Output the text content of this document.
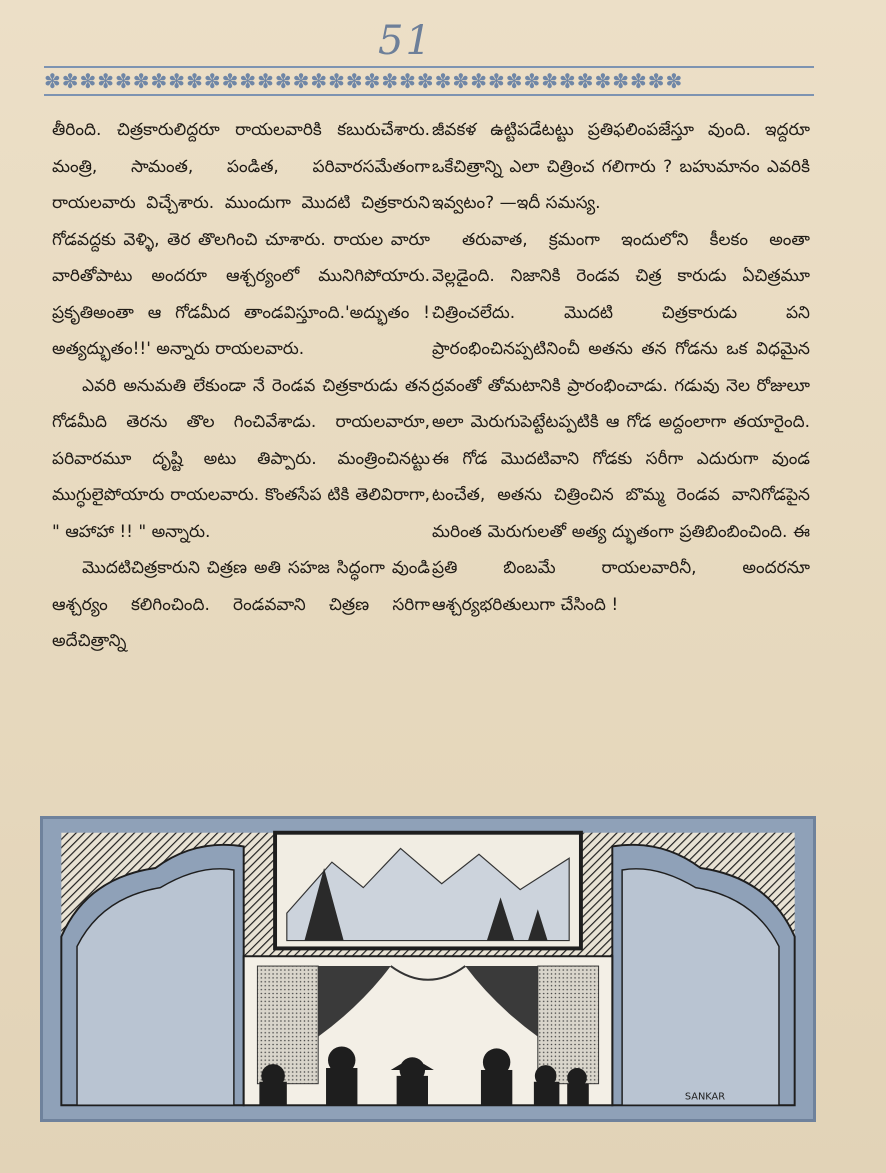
51
✽✽✽✽✽✽✽✽✽✽✽✽✽✽✽✽✽✽✽✽✽✽✽✽✽✽✽✽✽✽✽✽✽✽✽✽

తీరింది. చిత్రకారులిద్దరూ రాయలవారికి కబురుచేశారు. మంత్రి, సామంత, పండిత, పరివారసమేతంగా రాయలవారు విచ్చేశారు. ముందుగా మొదటి చిత్రకారుని గోడవద్దకు వెళ్ళి, తెర తొలగించి చూశారు. రాయల వారూ వారితోపాటు అందరూ ఆశ్చర్యంలో మునిగిపోయారు. ప్రకృతిఅంతా ఆ గోడమీద తాండవిస్తూంది.'అద్భుతం ! అత్యద్భుతం!!' అన్నారు రాయలవారు.

ఎవరి అనుమతి లేకుండా నే రెండవ చిత్రకారుడు తన గోడమీది తెరను తొల గించివేశాడు. రాయలవారూ, పరివారమూ దృష్టి అటు తిప్పారు. మంత్రించినట్టు ముగ్ధులైపోయారు రాయలవారు. కొంతసేప టికి తెలివిరాగా, " ఆహాహా !! " అన్నారు.

మొదటిచిత్రకారుని చిత్రణ అతి సహజ సిద్ధంగా వుండి ఆశ్చర్యం కలిగించింది. రెండవవాని చిత్రణ సరిగా అదేచిత్రాన్ని

జీవకళ ఉట్టిపడేటట్టు ప్రతిఫలింపజేస్తూ వుంది. ఇద్దరూ ఒకేచిత్రాన్ని ఎలా చిత్రించ గలిగారు ? బహుమానం ఎవరికి ఇవ్వటం? —ఇదీ సమస్య.

తరువాత, క్రమంగా ఇందులోని కీలకం అంతా వెల్లడైంది. నిజానికి రెండవ చిత్ర కారుడు ఏచిత్రమూ చిత్రించలేదు. మొదటి చిత్రకారుడు పని ప్రారంభించినప్పటినించీ అతను తన గోడను ఒక విధమైన ద్రవంతో తోమటానికి ప్రారంభించాడు. గడువు నెల రోజులూ అలా మెరుగుపెట్టేటప్పటికి ఆ గోడ అద్దంలాగా తయారైంది. ఈ గోడ మొదటివాని గోడకు సరీగా ఎదురుగా వుండ టంచేత, అతను చిత్రించిన బొమ్మ రెండవ వానిగోడపైన మరింత మెరుగులతో అత్య ద్భుతంగా ప్రతిబింబించింది. ఈ ప్రతి బింబమే రాయలవారినీ, అందరనూ ఆశ్చర్యభరితులుగా చేసింది !

SANKAR
